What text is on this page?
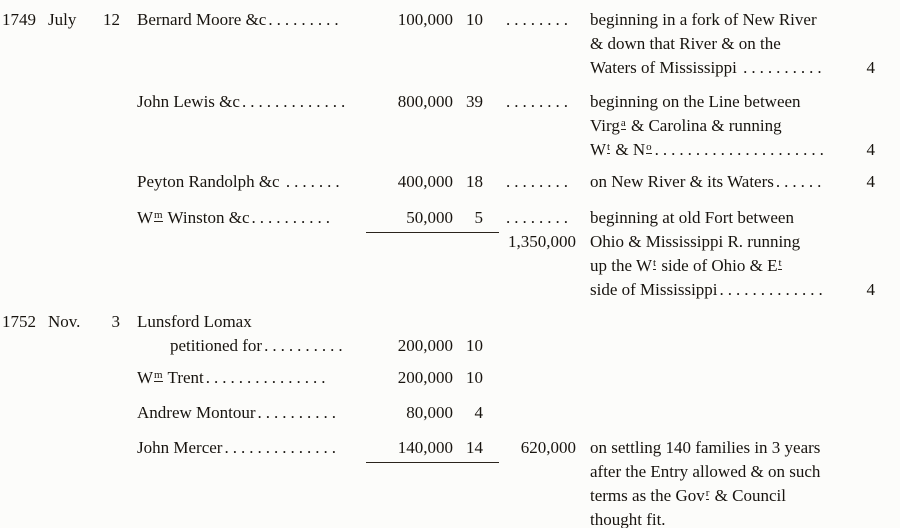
1749 July	12 Bernard Moore &c .........	100,000 10	........ beginning in a fork of New River
& down that River & on the
Waters of Mississippi .......... 4
John Lewis &c .............	800,000 39	........ beginning on the Line between
Virga & Carolina & running
Wt & No ..................... 4
Peyton Randolph &c .......	400,000 18	........ on New River & its Waters ...... 4
Wm Winston &c ..........	50,000	5	........
1,350,000
beginning at old Fort between
Ohio & Mississippi R. running
up the Wt side of Ohio & Et
side of Mississippi ............. 4
1752 Nov.	3 Lunsford Lomax
petitioned for ..........	200,000 10
Wm Trent ...............	200,000 10
Andrew Montour ..........	80,000	4
John Mercer ..............	140,000 14	620,000 on settling 140 families in 3 years
after the Entry allowed & on such
terms as the Govr & Council
thought fit.
